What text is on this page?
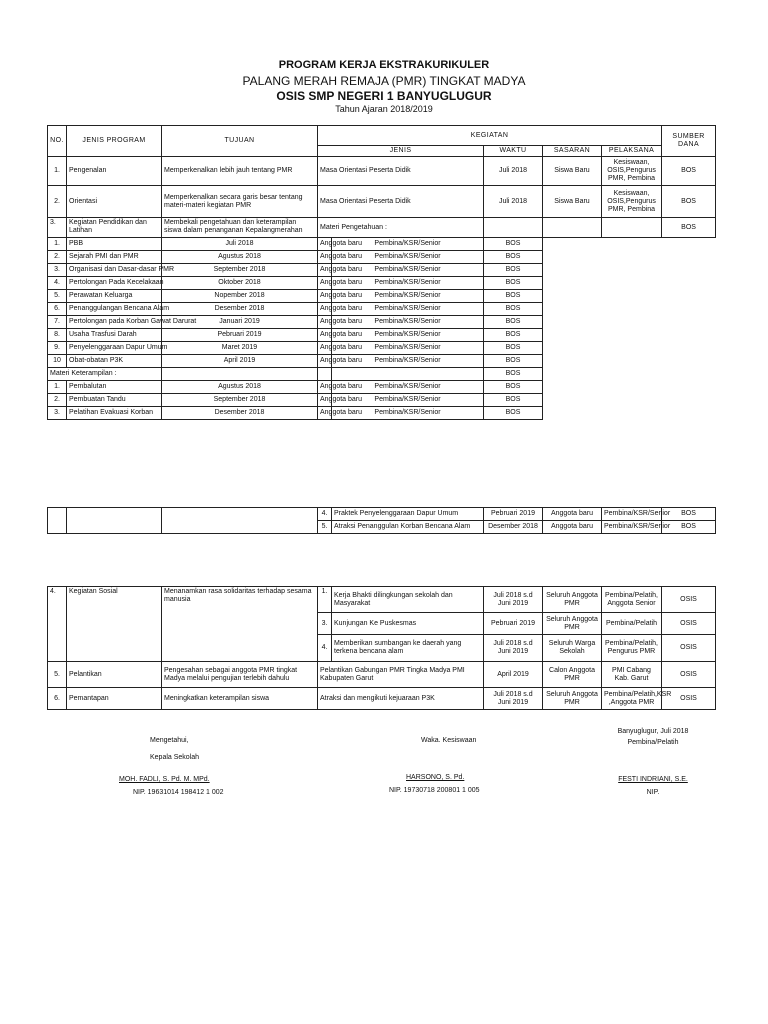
PROGRAM KERJA EKSTRAKURIKULER
PALANG MERAH REMAJA (PMR) TINGKAT MADYA
OSIS SMP NEGERI 1 BANYUGLUGUR
Tahun Ajaran 2018/2019
NO.	JENIS PROGRAM	TUJUAN	KEGIATAN					SUMBER DANA
			JENIS		WAKTU	SASARAN	PELAKSANA	
1.	Pengenalan	Memperkenalkan lebih jauh tentang PMR	Masa Orientasi Peserta Didik		Juli 2018	Siswa Baru	Kesiswaan, OSIS,Pengurus PMR, Pembina	BOS
2.	Orientasi	Memperkenalkan secara garis besar tentang materi-materi kegiatan PMR	Masa Orientasi Peserta Didik		Juli 2018	Siswa Baru	Kesiswaan, OSIS,Pengurus PMR, Pembina	BOS
3.	Kegiatan Pendidikan dan Latihan	Membekali pengetahuan dan keterampilan siswa dalam penanganan Kepalangmerahan	Materi Pengetahuan :					BOS
1.	PBB	Juli 2018	Anggota baru	Pembina/KSR/Senior	BOS			
2.	Sejarah PMI dan PMR	Agustus 2018	Anggota baru	Pembina/KSR/Senior	BOS			
3.	Organisasi dan Dasar-dasar PMR	September 2018	Anggota baru	Pembina/KSR/Senior	BOS			
4.	Pertolongan Pada Kecelakaan	Oktober 2018	Anggota baru	Pembina/KSR/Senior	BOS			
5.	Perawatan Keluarga	Nopember 2018	Anggota baru	Pembina/KSR/Senior	BOS			
6.	Penanggulangan Bencana Alam	Desember 2018	Anggota baru	Pembina/KSR/Senior	BOS			
7.	Pertolongan pada Korban Gawat Darurat	Januari 2019	Anggota baru	Pembina/KSR/Senior	BOS			
8.	Usaha Trasfusi Darah	Pebruari 2019	Anggota baru	Pembina/KSR/Senior	BOS			
9.	Penyelenggaraan Dapur Umum	Maret 2019	Anggota baru	Pembina/KSR/Senior	BOS			
10	Obat-obatan P3K	April 2019	Anggota baru	Pembina/KSR/Senior	BOS			
Materi Keterampilan :					BOS			
1.	Pembalutan	Agustus 2018	Anggota baru	Pembina/KSR/Senior	BOS			
2.	Pembuatan Tandu	September 2018	Anggota baru	Pembina/KSR/Senior	BOS			
3.	Pelatihan Evakuasi Korban	Desember 2018	Anggota baru	Pembina/KSR/Senior	BOS			
			4.	Praktek Penyelenggaraan Dapur Umum	Pebruari 2019	Anggota baru	Pembina/KSR/Senior	BOS
			5.	Atraksi Penanggulan Korban Bencana Alam	Desember 2018	Anggota baru	Pembina/KSR/Senior	BOS
4.	Kegiatan Sosial	Menanamkan rasa solidaritas terhadap sesama manusia	1.	Kerja Bhakti dilingkungan sekolah dan Masyarakat	Juli 2018 s.d Juni 2019	Seluruh Anggota PMR	Pembina/Pelatih, Anggota Senior	OSIS
			3.	Kunjungan Ke Puskesmas	Pebruari 2019	Seluruh Anggota PMR	Pembina/Pelatih	OSIS
			4.	Memberikan sumbangan ke daerah yang terkena bencana alam	Juli 2018 s.d Juni 2019	Seluruh Warga Sekolah	Pembina/Pelatih, Pengurus PMR	OSIS
5.	Pelantikan	Pengesahan sebagai anggota PMR tingkat Madya melalui pengujian terlebih dahulu	Pelantikan Gabungan PMR Tingka Madya PMI Kabupaten Garut		April 2019	Calon Anggota PMR	PMI Cabang Kab. Garut	OSIS
6.	Pemantapan	Meningkatkan keterampilan siswa	Atraksi dan mengikuti kejuaraan P3K		Juli 2018 s.d Juni 2019	Seluruh Anggota PMR	Pembina/Pelatih,KSR ,Anggota PMR	OSIS
Mengetahui,
Kepala Sekolah
MOH. FADLI, S. Pd. M. MPd.
NIP. 19631014 198412 1 002
Waka. Kesiswaan
HARSONO, S. Pd.
NIP. 19730718 200801 1 005
Banyuglugur, Juli 2018
Pembina/Pelatih
FESTI INDRIANI, S.E.
NIP.
